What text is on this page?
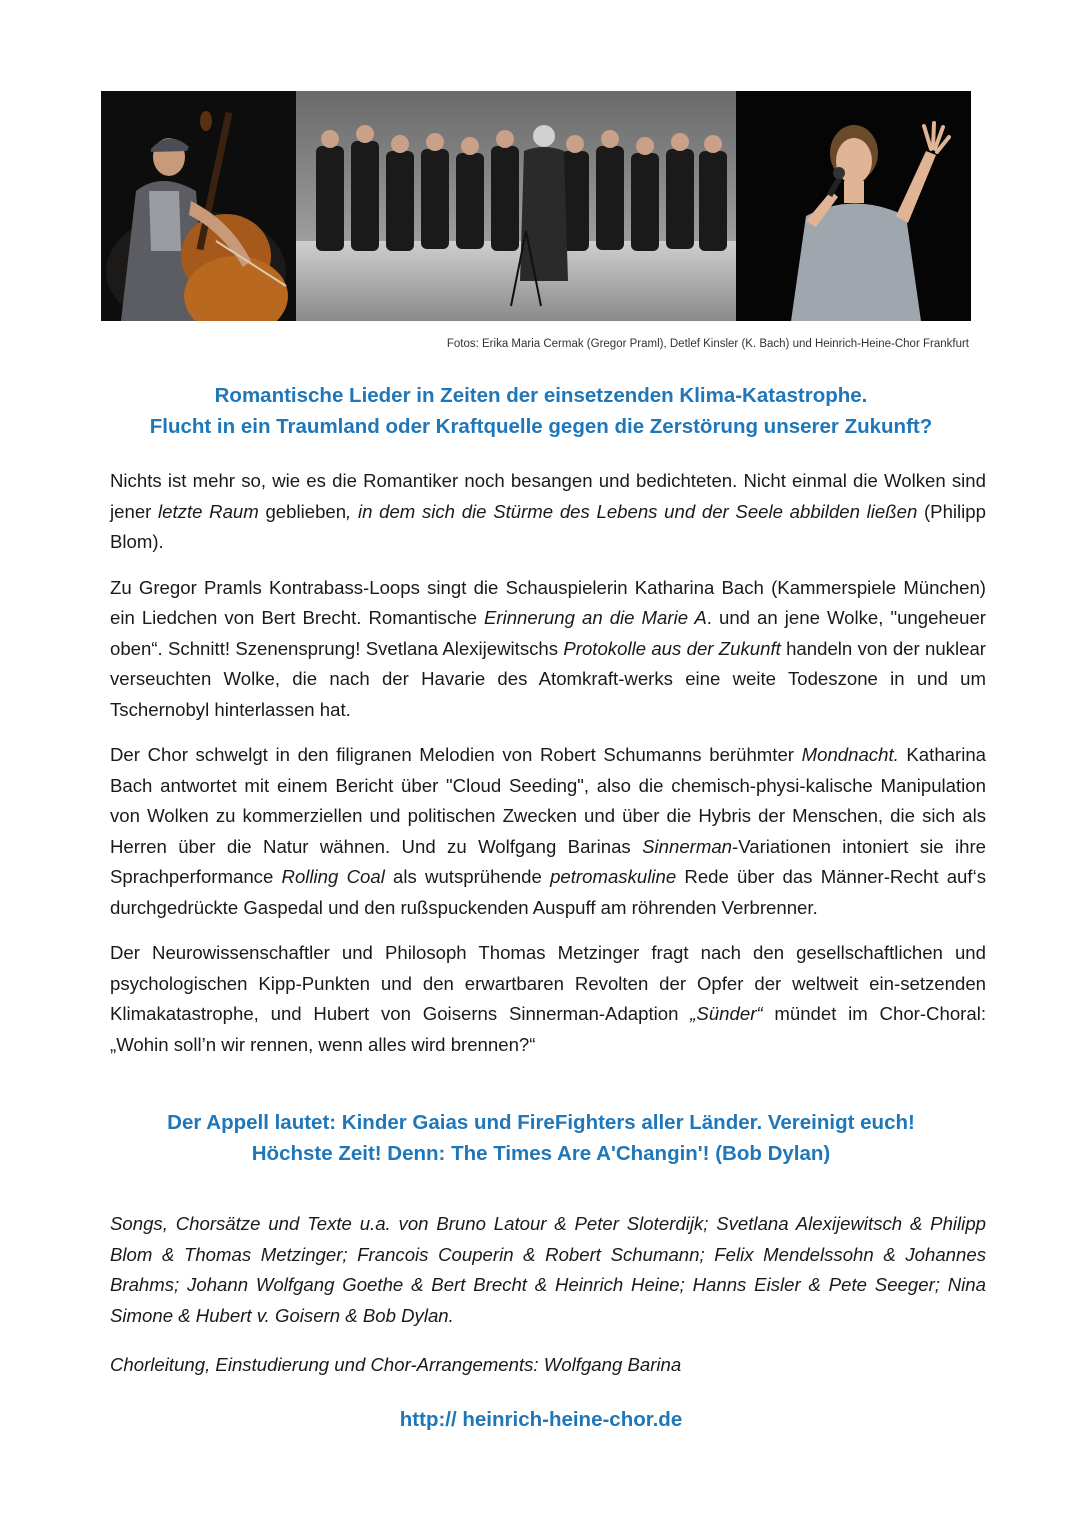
Fotos: Erika Maria Cermak (Gregor Praml), Detlef Kinsler (K. Bach) und Heinrich-Heine-Chor Frankfurt
Romantische Lieder in Zeiten der einsetzenden Klima-Katastrophe.
Flucht in ein Traumland oder Kraftquelle gegen die Zerstörung unserer Zukunft?

Nichts ist mehr so, wie es die Romantiker noch besangen und bedichteten. Nicht einmal die Wolken sind jener letzte Raum geblieben, in dem sich die Stürme des Lebens und der Seele abbilden ließen (Philipp Blom).

Zu Gregor Pramls Kontrabass-Loops singt die Schauspielerin Katharina Bach (Kammerspiele München) ein Liedchen von Bert Brecht. Romantische Erinnerung an die Marie A. und an jene Wolke, "ungeheuer oben“. Schnitt! Szenensprung! Svetlana Alexijewitschs Protokolle aus der Zukunft handeln von der nuklear verseuchten Wolke, die nach der Havarie des Atomkraft-werks eine weite Todeszone in und um Tschernobyl hinterlassen hat.

Der Chor schwelgt in den filigranen Melodien von Robert Schumanns berühmter Mondnacht. Katharina Bach antwortet mit einem Bericht über "Cloud Seeding", also die chemisch-physi-kalische Manipulation von Wolken zu kommerziellen und politischen Zwecken und über die Hybris der Menschen, die sich als Herren über die Natur wähnen. Und zu Wolfgang Barinas Sinnerman-Variationen intoniert sie ihre Sprachperformance Rolling Coal als wutsprühende petromaskuline Rede über das Männer-Recht auf‘s durchgedrückte Gaspedal und den rußspuckenden Auspuff am röhrenden Verbrenner.

Der Neurowissenschaftler und Philosoph Thomas Metzinger fragt nach den gesellschaftlichen und psychologischen Kipp-Punkten und den erwartbaren Revolten der Opfer der weltweit ein-setzenden Klimakatastrophe, und Hubert von Goiserns Sinnerman-Adaption „Sünder“ mündet im Chor-Choral: „Wohin soll’n wir rennen, wenn alles wird brennen?“

Der Appell lautet: Kinder Gaias und FireFighters aller Länder. Vereinigt euch!
Höchste Zeit! Denn: The Times Are A'Changin'! (Bob Dylan)
Songs, Chorsätze und Texte u.a. von Bruno Latour & Peter Sloterdijk; Svetlana Alexijewitsch & Philipp Blom & Thomas Metzinger; Francois Couperin & Robert Schumann; Felix Mendelssohn & Johannes Brahms; Johann Wolfgang Goethe & Bert Brecht & Heinrich Heine; Hanns Eisler & Pete Seeger; Nina Simone & Hubert v. Goisern & Bob Dylan.
Chorleitung, Einstudierung und Chor-Arrangements: Wolfgang Barina
http:// heinrich-heine-chor.de
